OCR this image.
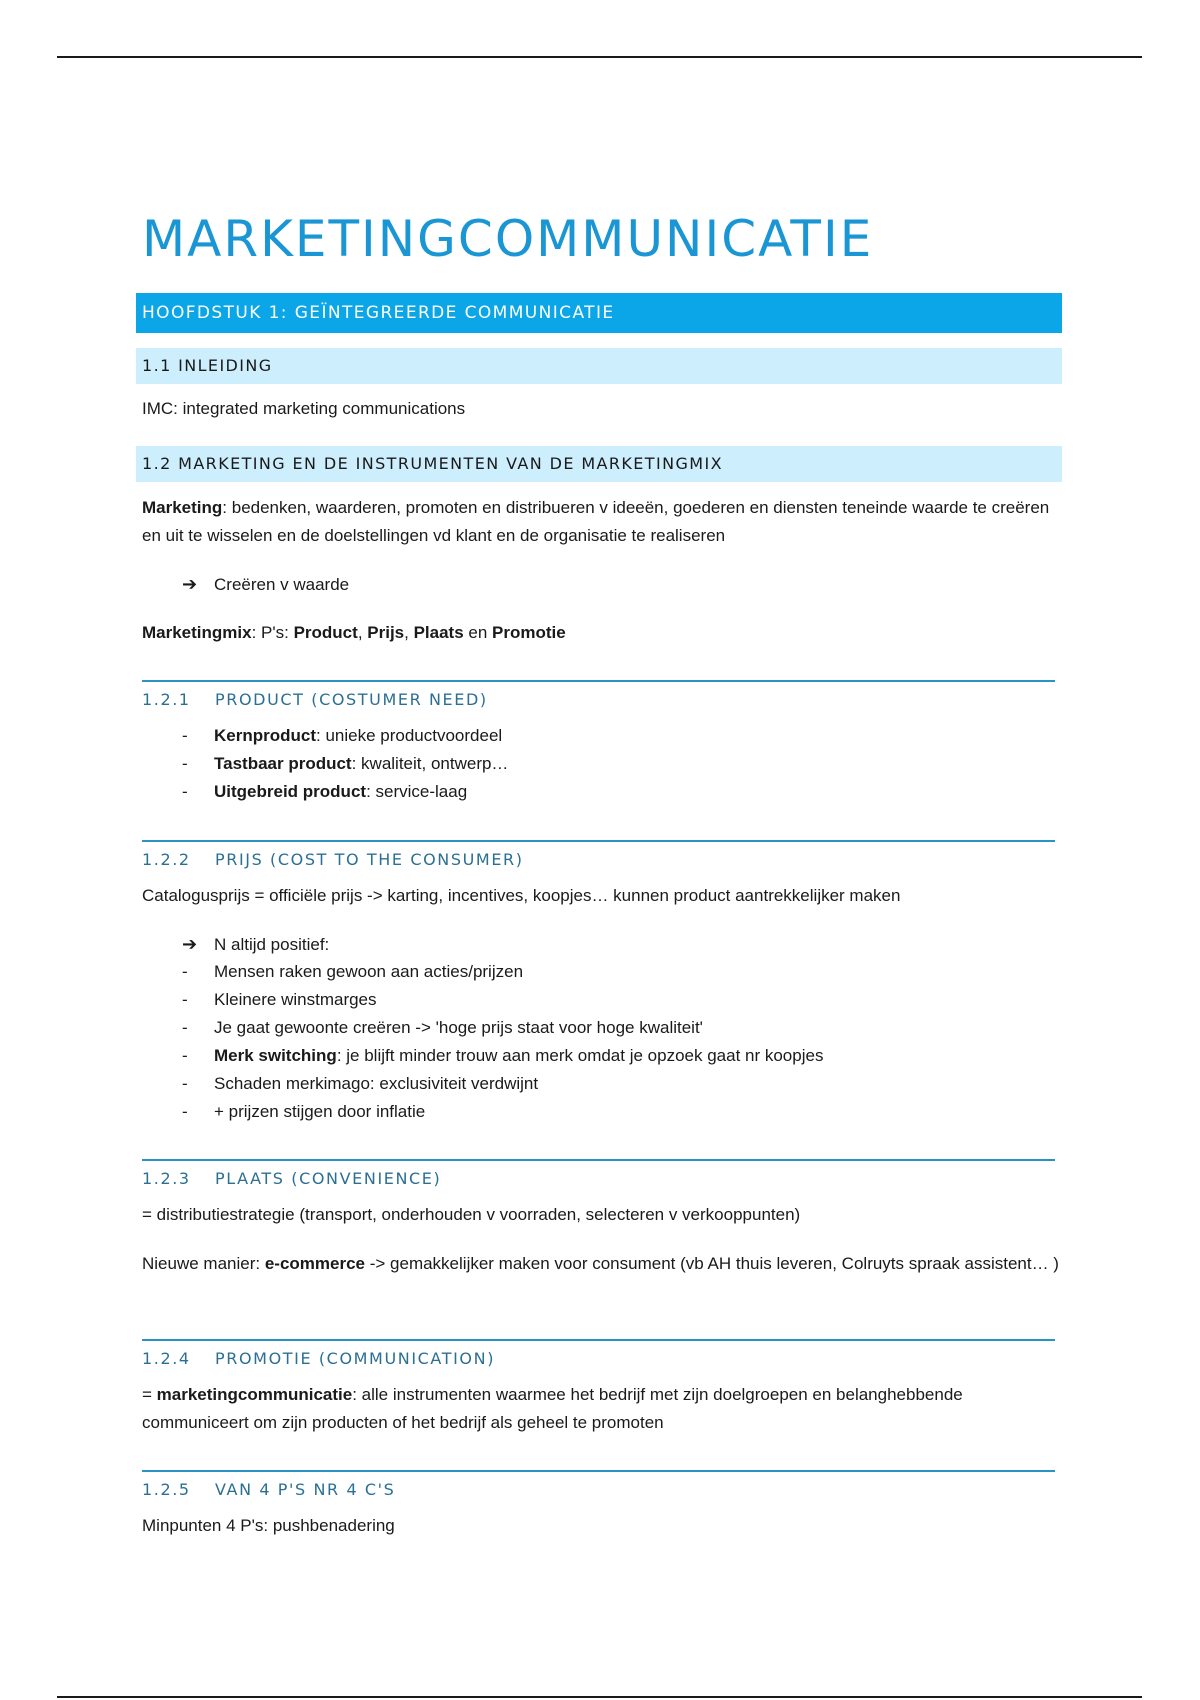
MARKETINGCOMMUNICATIE
HOOFDSTUK 1: GEÏNTEGREERDE COMMUNICATIE
1.1 INLEIDING
IMC: integrated marketing communications
1.2 MARKETING EN DE INSTRUMENTEN VAN DE MARKETINGMIX
Marketing: bedenken, waarderen, promoten en distribueren v ideeën, goederen en diensten teneinde waarde te creëren en uit te wisselen en de doelstellingen vd klant en de organisatie te realiseren
➔ Creëren v waarde
Marketingmix: P's: Product, Prijs, Plaats en Promotie
1.2.1 PRODUCT (COSTUMER NEED)
- Kernproduct: unieke productvoordeel
- Tastbaar product: kwaliteit, ontwerp…
- Uitgebreid product: service-laag
1.2.2 PRIJS (COST TO THE CONSUMER)
Catalogusprijs = officiële prijs -> karting, incentives, koopjes… kunnen product aantrekkelijker maken
➔ N altijd positief:
- Mensen raken gewoon aan acties/prijzen
- Kleinere winstmarges
- Je gaat gewoonte creëren -> 'hoge prijs staat voor hoge kwaliteit'
- Merk switching: je blijft minder trouw aan merk omdat je opzoek gaat nr koopjes
- Schaden merkimago: exclusiviteit verdwijnt
- + prijzen stijgen door inflatie
1.2.3 PLAATS (CONVENIENCE)
= distributiestrategie (transport, onderhouden v voorraden, selecteren v verkooppunten)
Nieuwe manier: e-commerce -> gemakkelijker maken voor consument (vb AH thuis leveren, Colruyts spraak assistent… )
1.2.4 PROMOTIE (COMMUNICATION)
= marketingcommunicatie: alle instrumenten waarmee het bedrijf met zijn doelgroepen en belanghebbende communiceert om zijn producten of het bedrijf als geheel te promoten
1.2.5 VAN 4 P'S NR 4 C'S
Minpunten 4 P's: pushbenadering
